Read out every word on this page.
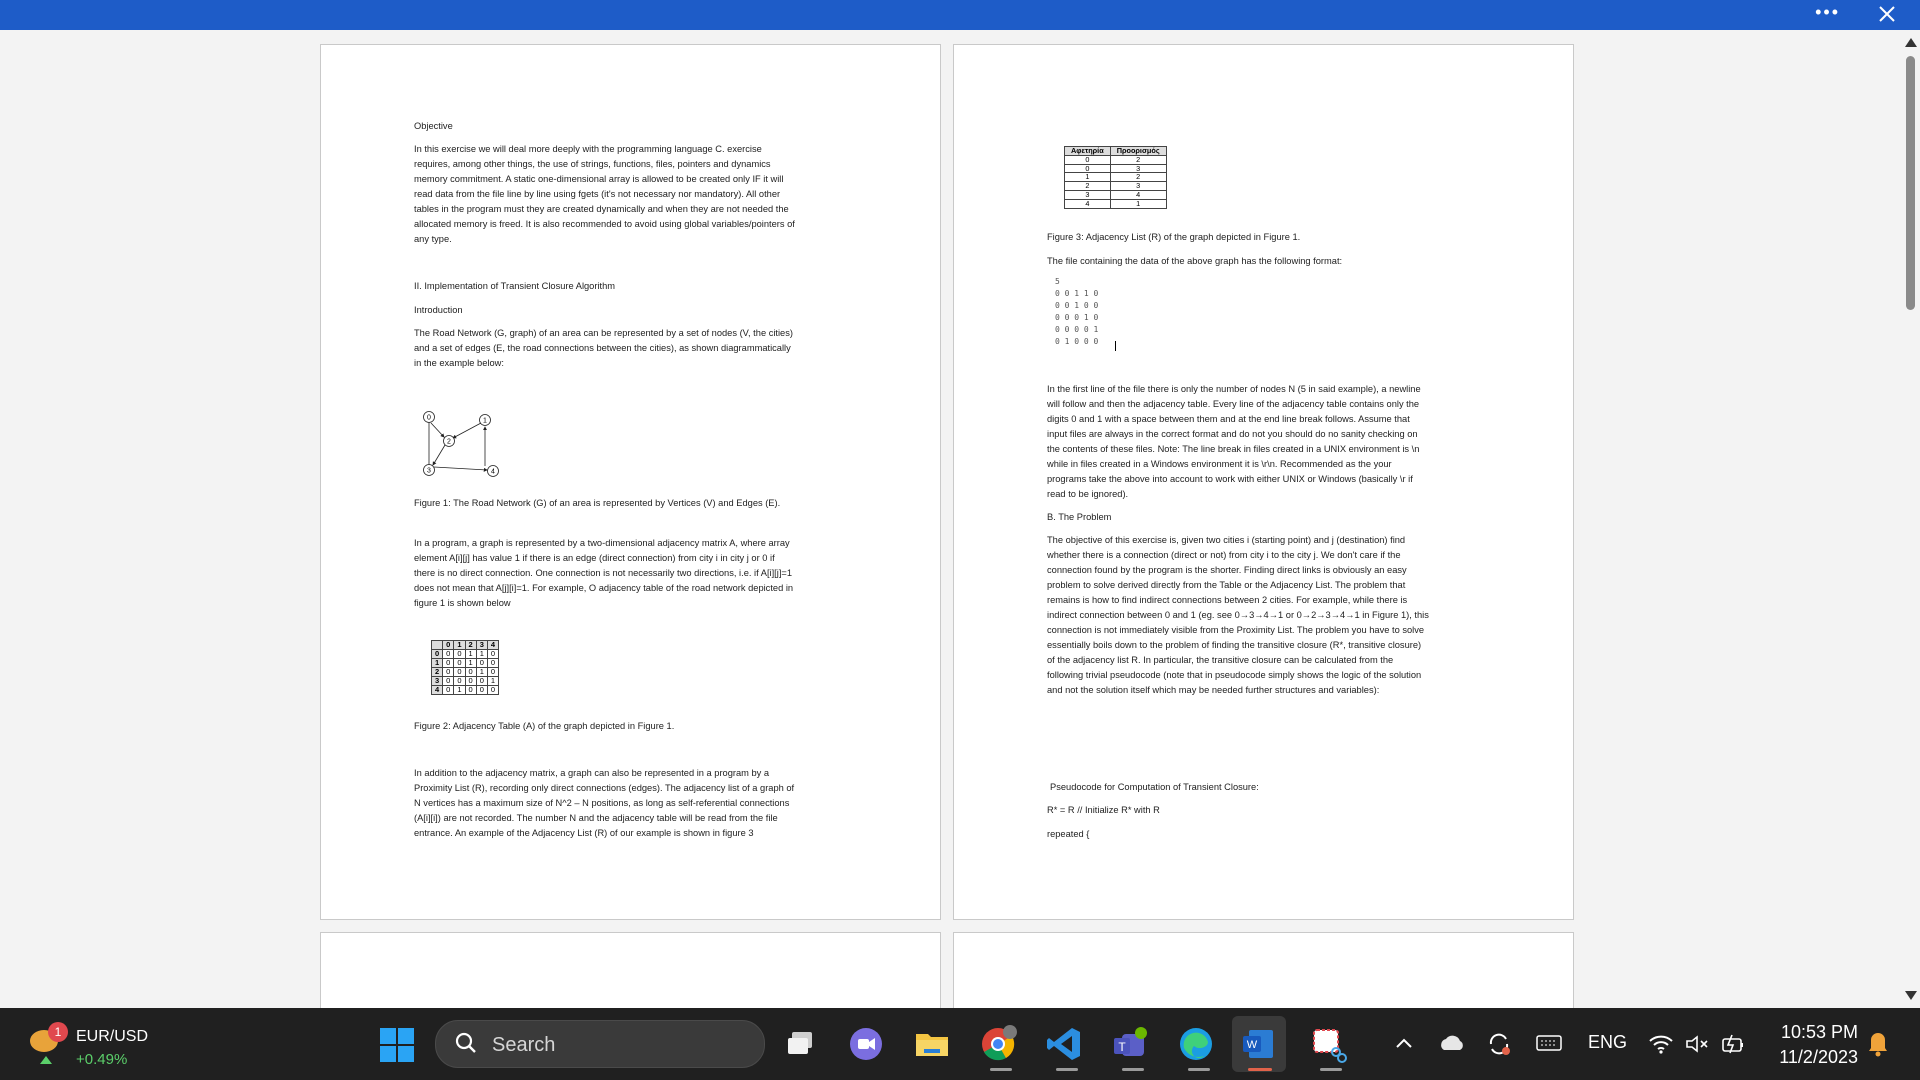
•••

Objective

In this exercise we will deal more deeply with the programming language C. exercise

requires, among other things, the use of strings, functions, files, pointers and dynamics

memory commitment. A static one-dimensional array is allowed to be created only IF it will

read data from the file line by line using fgets (it's not necessary nor mandatory). All other

tables in the program must they are created dynamically and when they are not needed the

allocated memory is freed. It is also recommended to avoid using global variables/pointers of

any type.

II. Implementation of Transient Closure Algorithm

Introduction

The Road Network (G, graph) of an area can be represented by a set of nodes (V, the cities)

and a set of edges (E, the road connections between the cities), as shown diagrammatically

in the example below:

0	1
2
3	4

Figure 1: The Road Network (G) of an area is represented by Vertices (V) and Edges (E).

In a program, a graph is represented by a two-dimensional adjacency matrix A, where array

element A[i][j] has value 1 if there is an edge (direct connection) from city i in city j or 0 if

there is no direct connection. One connection is not necessarily two directions, i.e. if A[i][j]=1

does not mean that A[j][i]=1. For example, O adjacency table of the road network depicted in

figure 1 is shown below

	0	1	2	3	4
0	0	0	1	1	0
1	0	0	1	0	0
2	0	0	0	1	0
3	0	0	0	0	1
4	0	1	0	0	0

Figure 2: Adjacency Table (A) of the graph depicted in Figure 1.

In addition to the adjacency matrix, a graph can also be represented in a program by a

Proximity List (R), recording only direct connections (edges). The adjacency list of a graph of

N vertices has a maximum size of N^2 – N positions, as long as self-referential connections

(A[i][i]) are not recorded. The number N and the adjacency table will be read from the file

entrance. An example of the Adjacency List (R) of our example is shown in figure 3

Αφετηρία	Προορισμός
0	2
0	3
1	2
2	3
3	4
4	1

Figure 3: Adjacency List (R) of the graph depicted in Figure 1.

The file containing the data of the above graph has the following format:

5

0 0 1 1 0

0 0 1 0 0

0 0 0 1 0

0 0 0 0 1

0 1 0 0 0

In the first line of the file there is only the number of nodes N (5 in said example), a newline

will follow and then the adjacency table. Every line of the adjacency table contains only the

digits 0 and 1 with a space between them and at the end line break follows. Assume that

input files are always in the correct format and do not you should do no sanity checking on

the contents of these files. Note: The line break in files created in a UNIX environment is \n

while in files created in a Windows environment it is \r\n. Recommended as the your

programs take the above into account to work with either UNIX or Windows (basically \r if

read to be ignored).

B. The Problem

The objective of this exercise is, given two cities i (starting point) and j (destination) find

whether there is a connection (direct or not) from city i to the city j. We don't care if the

connection found by the program is the shorter. Finding direct links is obviously an easy

problem to solve derived directly from the Table or the Adjacency List. The problem that

remains is how to find indirect connections between 2 cities. For example, while there is

indirect connection between 0 and 1 (eg. see 0→3→4→1 or 0→2→3→4→1 in Figure 1), this

connection is not immediately visible from the Proximity List. The problem you have to solve

essentially boils down to the problem of finding the transitive closure (R*, transitive closure)

of the adjacency list R. In particular, the transitive closure can be calculated from the

following trivial pseudocode (note that in pseudocode simply shows the logic of the solution

and not the solution itself which may be needed further structures and variables):

Pseudocode for Computation of Transient Closure:

R* = R // Initialize R* with R

repeated {

1 EUR/USD
+0.49%
Search	T	W	ENG	10:53 PM
11/2/2023
